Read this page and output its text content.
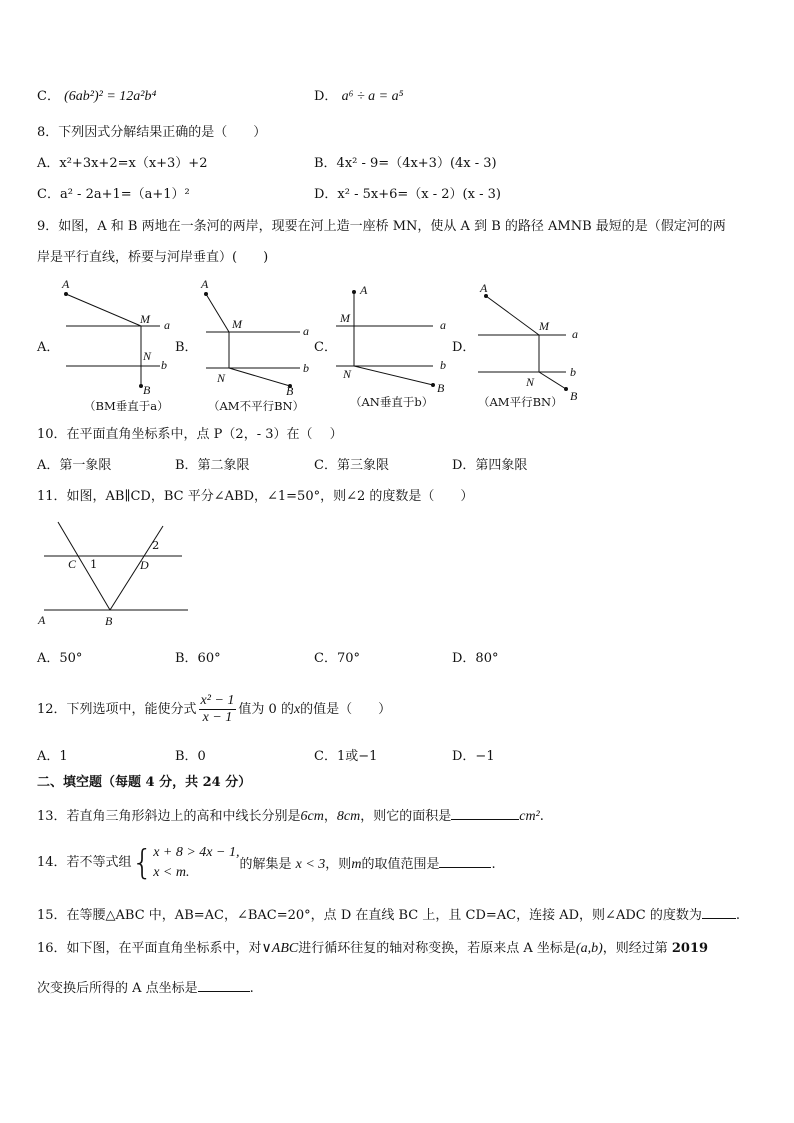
C． (6ab²)² = 12a²b⁴	D． a⁶ ÷ a = a⁵
8．下列因式分解结果正确的是（　　）
A．x²+3x+2=x（x+3）+2	B．4x² - 9=（4x+3）(4x - 3)
C．a² - 2a+1=（a+1）²	D．x² - 5x+6=（x - 2）(x - 3)
9．如图，A 和 B 两地在一条河的两岸，现要在河上造一座桥 MN，使从 A 到 B 的路径 AMNB 最短的是（假定河的两
岸是平行直线，桥要与河岸垂直）(　　)
A．	B．	C．	D．
A
M a
N
b
B
（BM垂直于a）
A
M	a
N
b
B
（AM不平行BN）
A
M	a
N
b
B
（AN垂直于b）
A
M
a
N
b
B
（AM平行BN）
10．在平面直角坐标系中，点 P（2，- 3）在（　 ）
A．第一象限	B．第二象限	C．第三象限	D．第四象限
11．如图，AB∥CD，BC 平分∠ABD，∠1=50°，则∠2 的度数是（　　）
C 1	D
2
A	B
A．50°	B．60°	C．70°	D．80°
12．下列选项中，能使分式 $\frac{\text{x² − 1}}{x - 1}$ 值为 0 的x的值是（　　）
A．1	B．0	C．1或−1	D．−1
二、填空题（每题 4 分，共 24 分）
13．若直角三角形斜边上的高和中线长分别是6cm，8cm，则它的面积是	cm².
14．若不等式组{ x + 8 > 4x − 1,
x < m.
的解集是 x < 3，则m的取值范围是	.
15．在等腰△ABC 中，AB=AC，∠BAC=20°，点 D 在直线 BC 上，且 CD=AC，连接 AD，则∠ADC 的度数为	.
16．如下图，在平面直角坐标系中，对∨ABC进行循环往复的轴对称变换，若原来点 A 坐标是(a,b)，则经过第 2019
次变换后所得的 A 点坐标是	.
